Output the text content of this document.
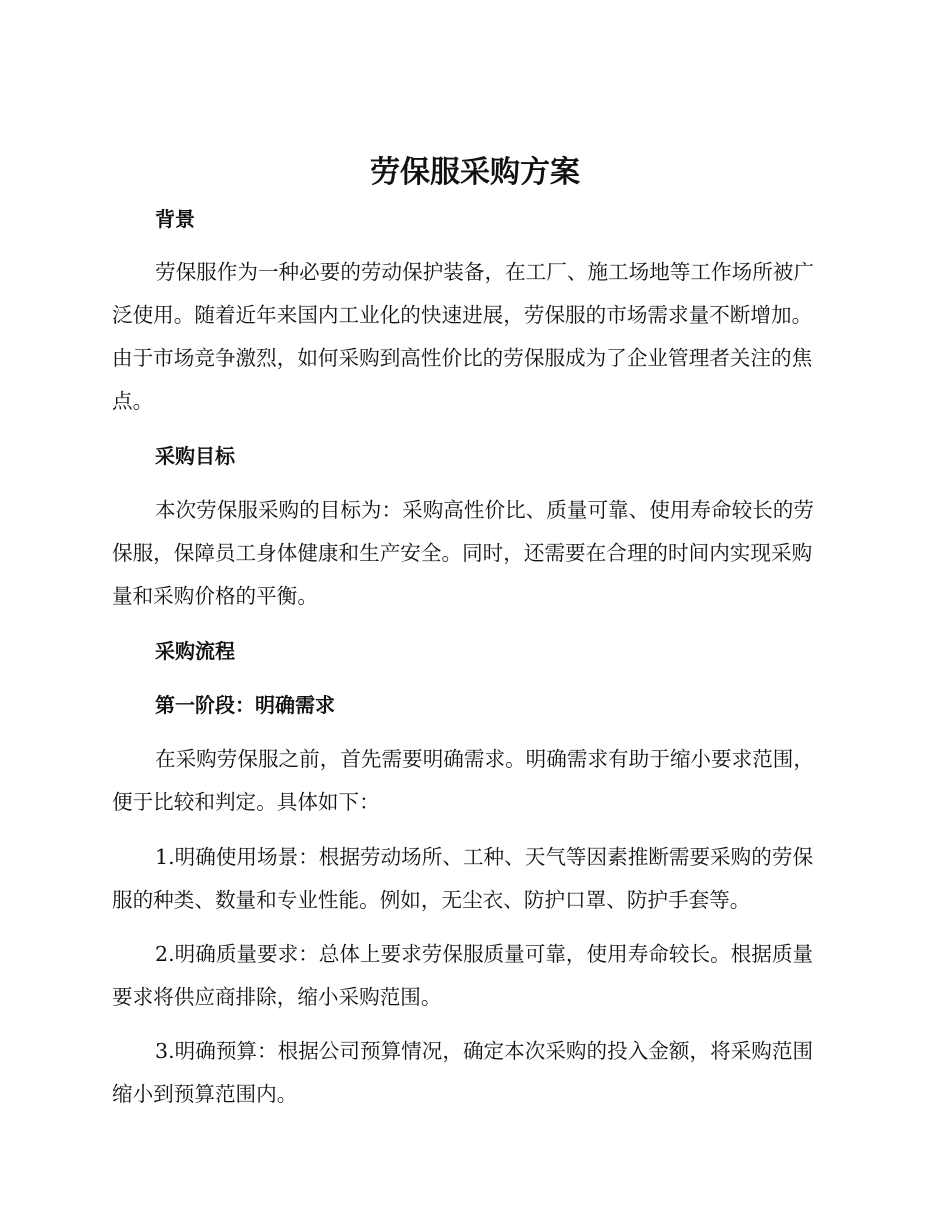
劳保服采购方案
背景

劳保服作为一种必要的劳动保护装备，在工厂、施工场地等工作场所被广泛使用。随着近年来国内工业化的快速进展，劳保服的市场需求量不断增加。由于市场竞争激烈，如何采购到高性价比的劳保服成为了企业管理者关注的焦点。

采购目标

本次劳保服采购的目标为：采购高性价比、质量可靠、使用寿命较长的劳保服，保障员工身体健康和生产安全。同时，还需要在合理的时间内实现采购量和采购价格的平衡。

采购流程
第一阶段：明确需求

在采购劳保服之前，首先需要明确需求。明确需求有助于缩小要求范围，便于比较和判定。具体如下：

1.明确使用场景：根据劳动场所、工种、天气等因素推断需要采购的劳保服的种类、数量和专业性能。例如，无尘衣、防护口罩、防护手套等。

2.明确质量要求：总体上要求劳保服质量可靠，使用寿命较长。根据质量要求将供应商排除，缩小采购范围。

3.明确预算：根据公司预算情况，确定本次采购的投入金额，将采购范围缩小到预算范围内。
